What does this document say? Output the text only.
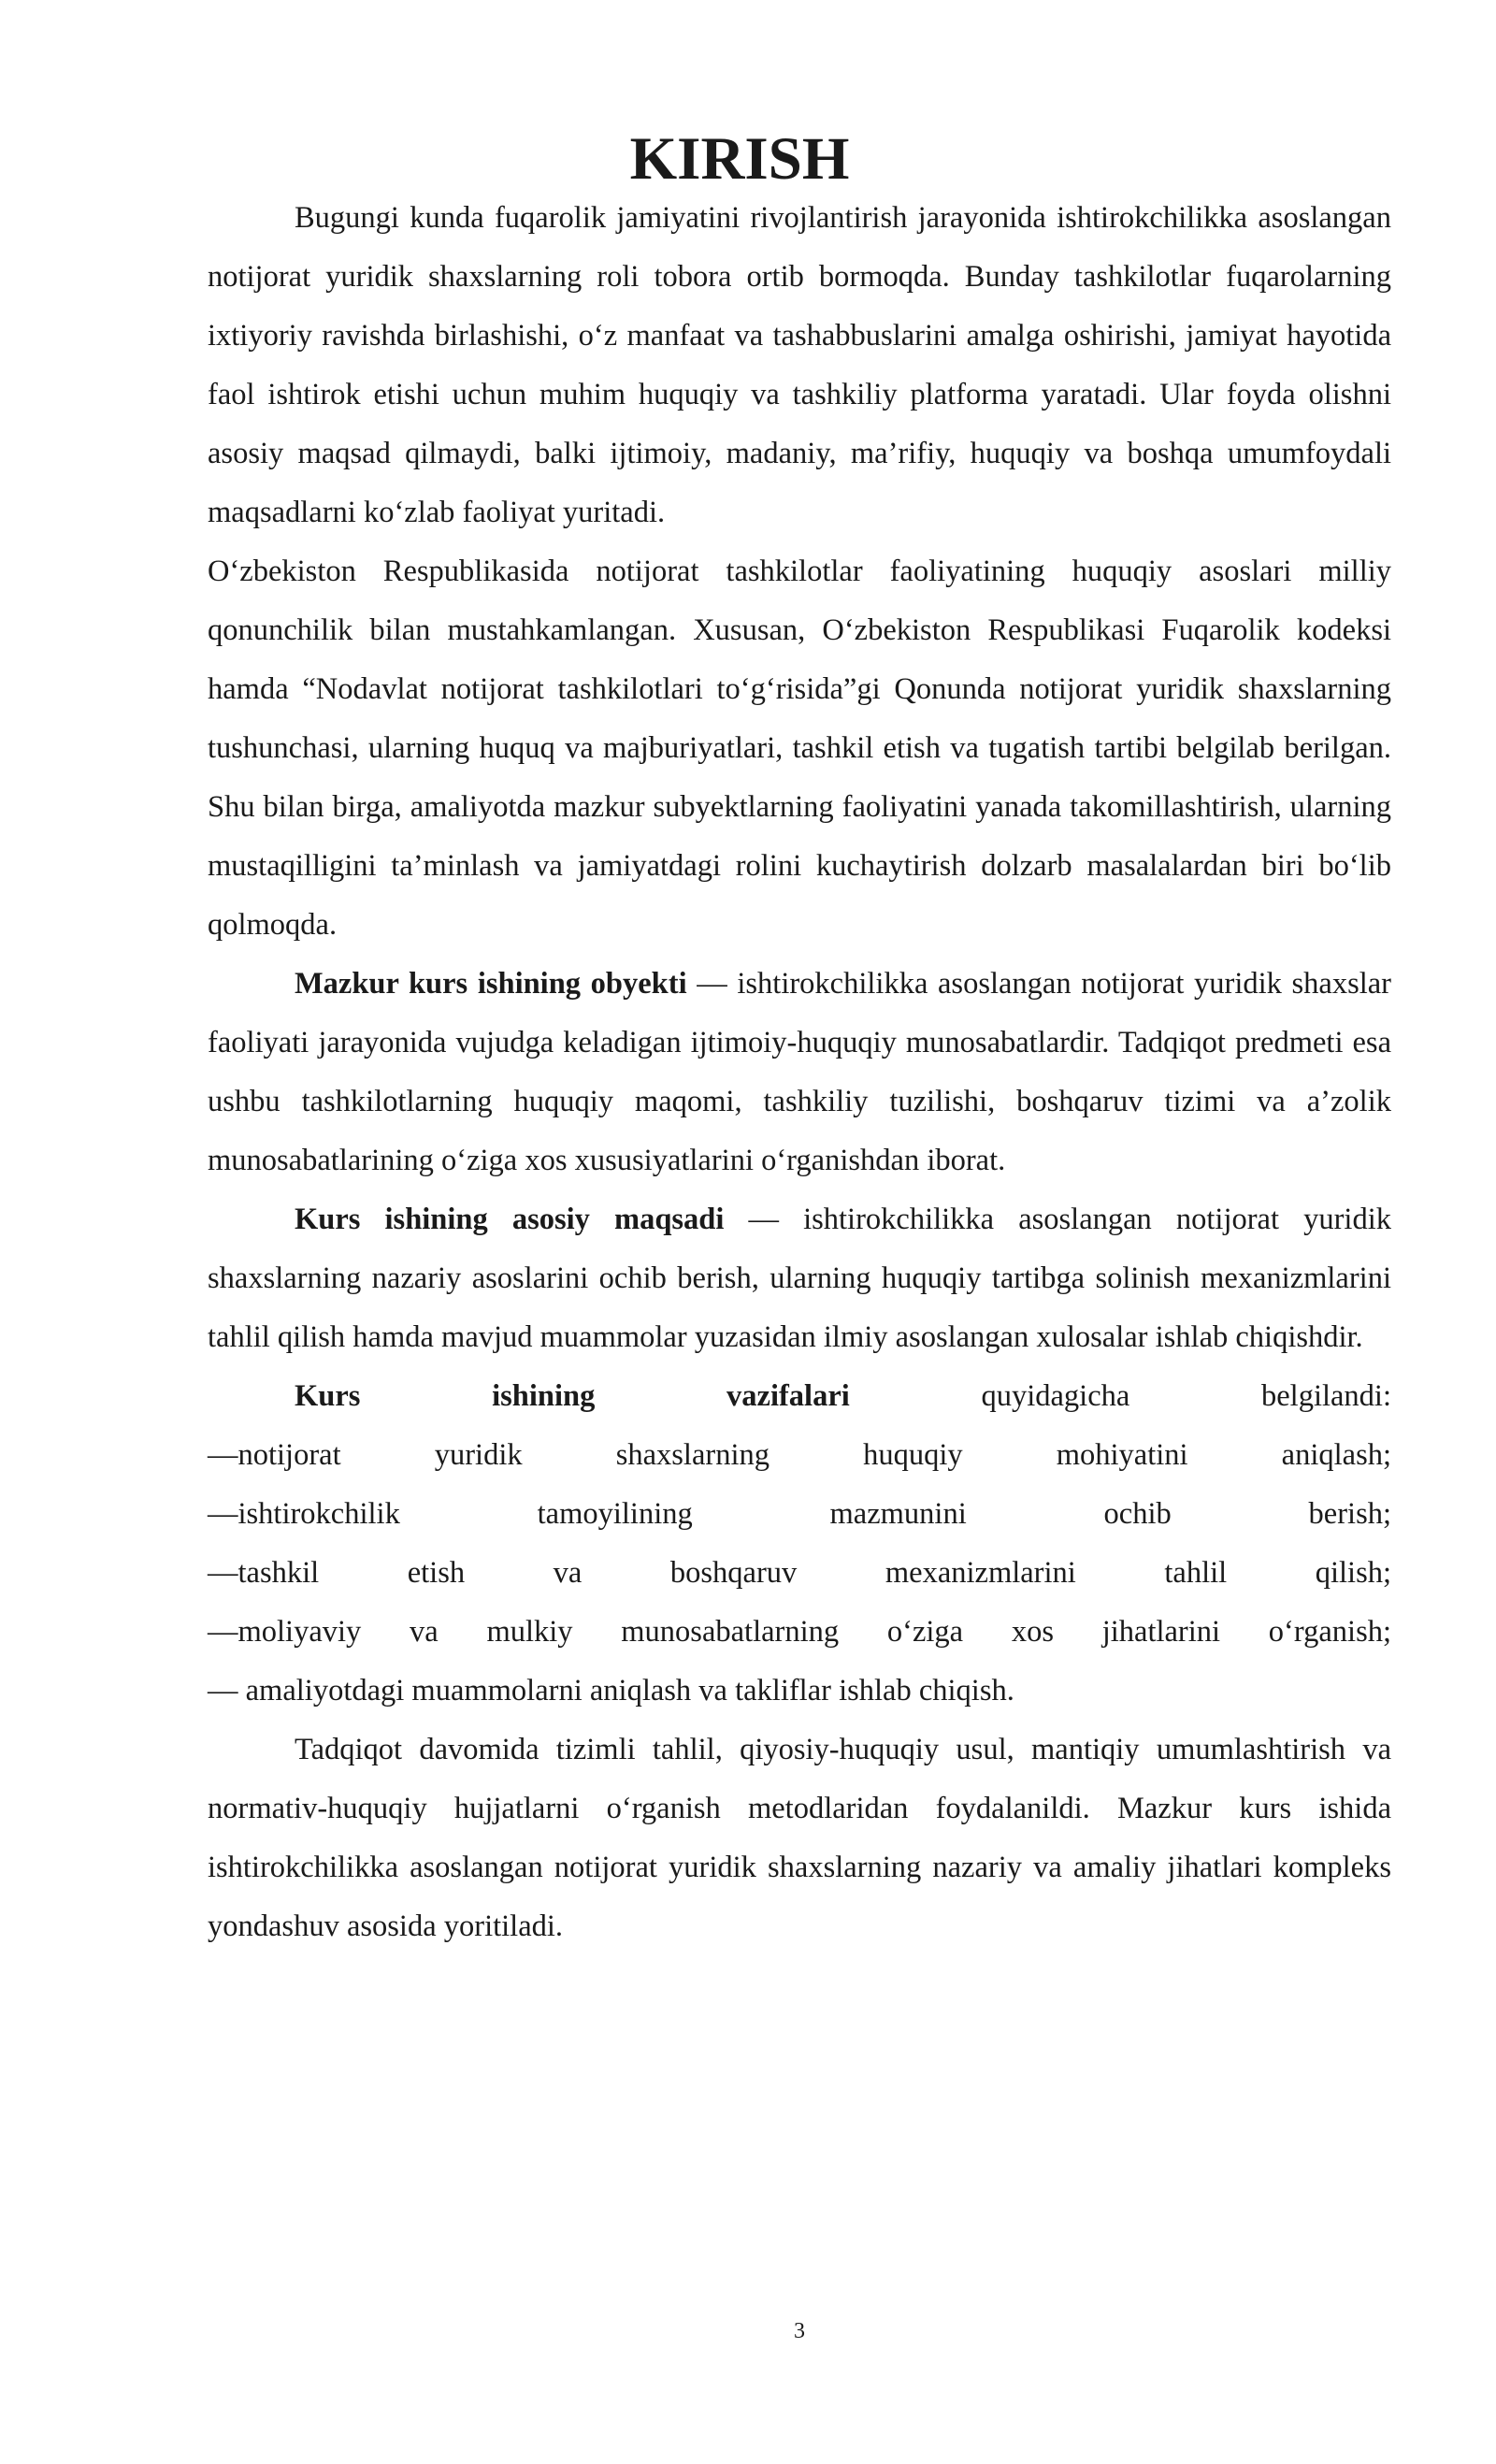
KIRISH

Bugungi kunda fuqarolik jamiyatini rivojlantirish jarayonida ishtirokchilikka asoslangan notijorat yuridik shaxslarning roli tobora ortib bormoqda. Bunday tashkilotlar fuqarolarning ixtiyoriy ravishda birlashishi, o‘z manfaat va tashabbuslarini amalga oshirishi, jamiyat hayotida faol ishtirok etishi uchun muhim huquqiy va tashkiliy platforma yaratadi. Ular foyda olishni asosiy maqsad qilmaydi, balki ijtimoiy, madaniy, ma’rifiy, huquqiy va boshqa umumfoydali maqsadlarni ko‘zlab faoliyat yuritadi.

O‘zbekiston Respublikasida notijorat tashkilotlar faoliyatining huquqiy asoslari milliy qonunchilik bilan mustahkamlangan. Xususan, O‘zbekiston Respublikasi Fuqarolik kodeksi hamda “Nodavlat notijorat tashkilotlari to‘g‘risida”gi Qonunda notijorat yuridik shaxslarning tushunchasi, ularning huquq va majburiyatlari, tashkil etish va tugatish tartibi belgilab berilgan. Shu bilan birga, amaliyotda mazkur subyektlarning faoliyatini yanada takomillashtirish, ularning mustaqilligini ta’minlash va jamiyatdagi rolini kuchaytirish dolzarb masalalardan biri bo‘lib qolmoqda.

Mazkur kurs ishining obyekti — ishtirokchilikka asoslangan notijorat yuridik shaxslar faoliyati jarayonida vujudga keladigan ijtimoiy-huquqiy munosabatlardir. Tadqiqot predmeti esa ushbu tashkilotlarning huquqiy maqomi, tashkiliy tuzilishi, boshqaruv tizimi va a’zolik munosabatlarining o‘ziga xos xususiyatlarini o‘rganishdan iborat.

Kurs ishining asosiy maqsadi — ishtirokchilikka asoslangan notijorat yuridik shaxslarning nazariy asoslarini ochib berish, ularning huquqiy tartibga solinish mexanizmlarini tahlil qilish hamda mavjud muammolar yuzasidan ilmiy asoslangan xulosalar ishlab chiqishdir.

Kurs ishining vazifalari quyidagicha belgilandi:

—notijorat yuridik shaxslarning huquqiy mohiyatini aniqlash;
—ishtirokchilik tamoyilining mazmunini ochib berish;
—tashkil etish va boshqaruv mexanizmlarini tahlil qilish;
—moliyaviy va mulkiy munosabatlarning o‘ziga xos jihatlarini o‘rganish;
— amaliyotdagi muammolarni aniqlash va takliflar ishlab chiqish.

Tadqiqot davomida tizimli tahlil, qiyosiy-huquqiy usul, mantiqiy umumlashtirish va normativ-huquqiy hujjatlarni o‘rganish metodlaridan foydalanildi. Mazkur kurs ishida ishtirokchilikka asoslangan notijorat yuridik shaxslarning nazariy va amaliy jihatlari kompleks yondashuv asosida yoritiladi.

3
